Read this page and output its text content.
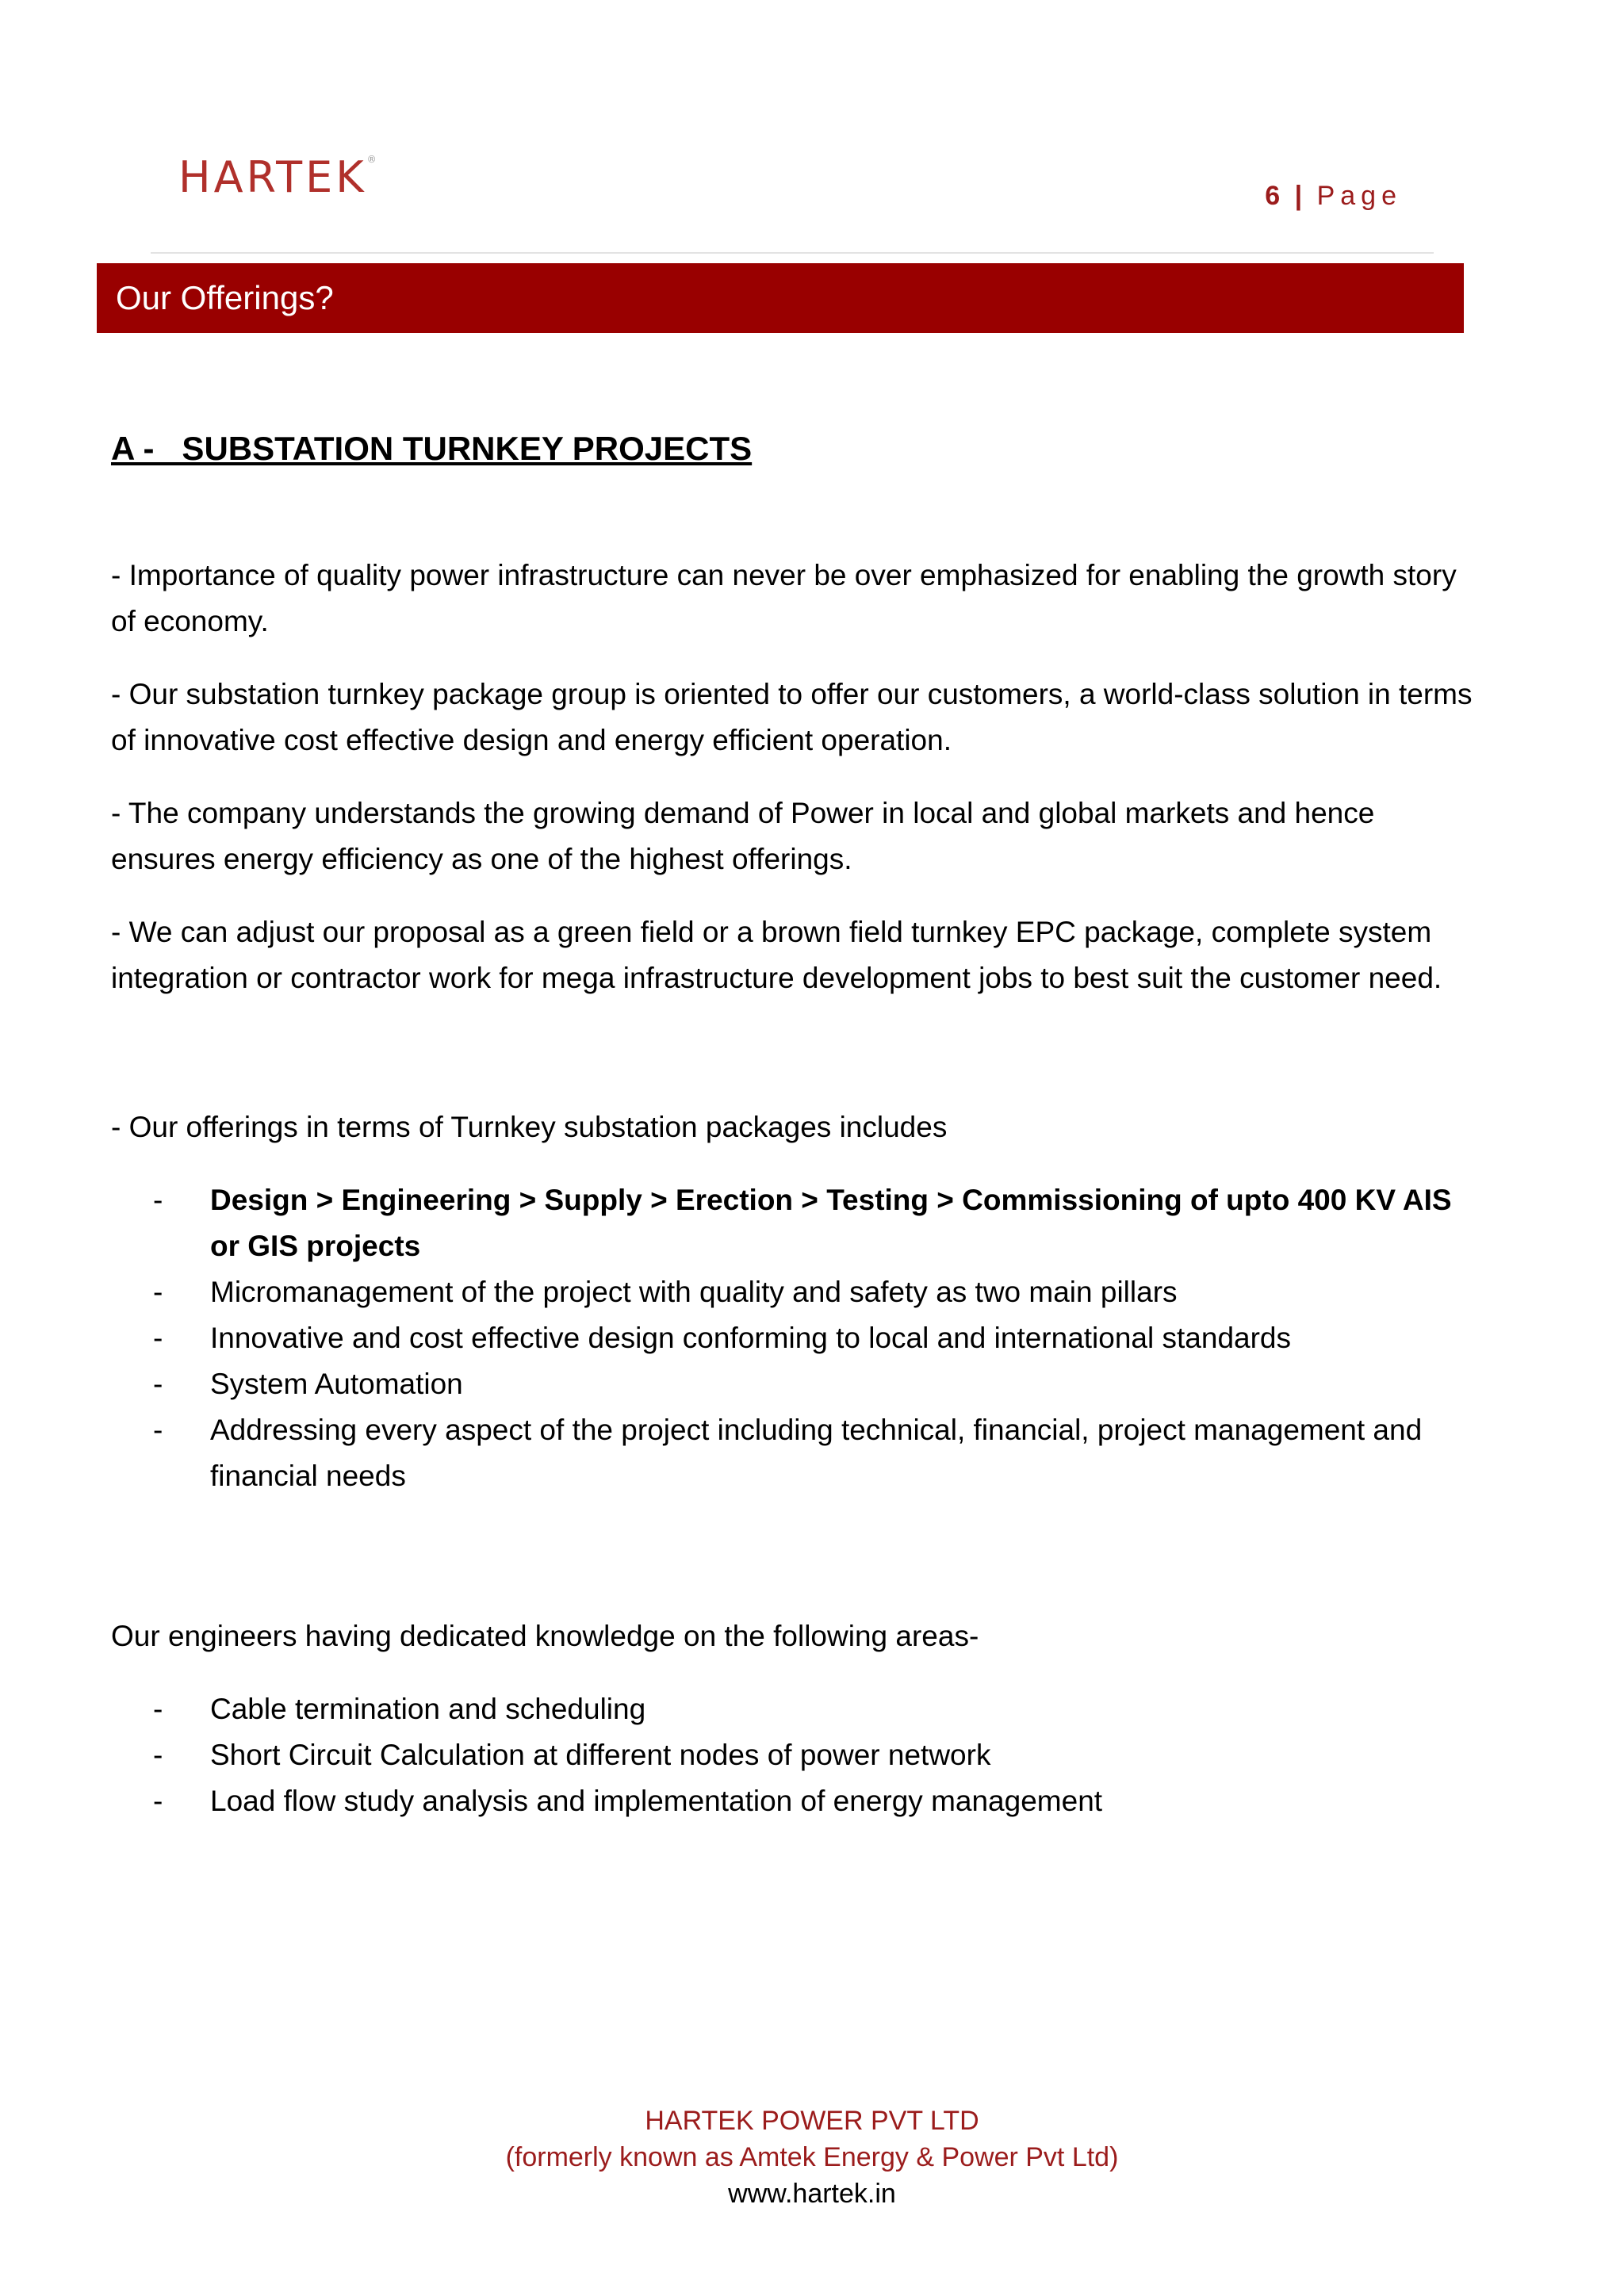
HARTEK®
6 | Page
Our Offerings?
A -   SUBSTATION TURNKEY PROJECTS

- Importance of quality power infrastructure can never be over emphasized for enabling the growth story of economy.

- Our substation turnkey package group is oriented to offer our customers, a world-class solution in terms of innovative cost effective design and energy efficient operation.

- The company understands the growing demand of Power in local and global markets and hence ensures energy efficiency as one of the highest offerings.

- We can adjust our proposal as a green field or a brown field turnkey EPC package, complete system integration or contractor work for mega infrastructure development jobs to best suit the customer need.

- Our offerings in terms of Turnkey substation packages includes

- Design > Engineering > Supply > Erection > Testing > Commissioning of upto 400 KV AIS or GIS projects
- Micromanagement of the project with quality and safety as two main pillars
- Innovative and cost effective design conforming to local and international standards
- System Automation
- Addressing every aspect of the project including technical, financial, project management and financial needs

Our engineers having dedicated knowledge on the following areas-

- Cable termination and scheduling
- Short Circuit Calculation at different nodes of power network
- Load flow study analysis and implementation of energy management
HARTEK POWER PVT LTD
(formerly known as Amtek Energy & Power Pvt Ltd)
www.hartek.in
